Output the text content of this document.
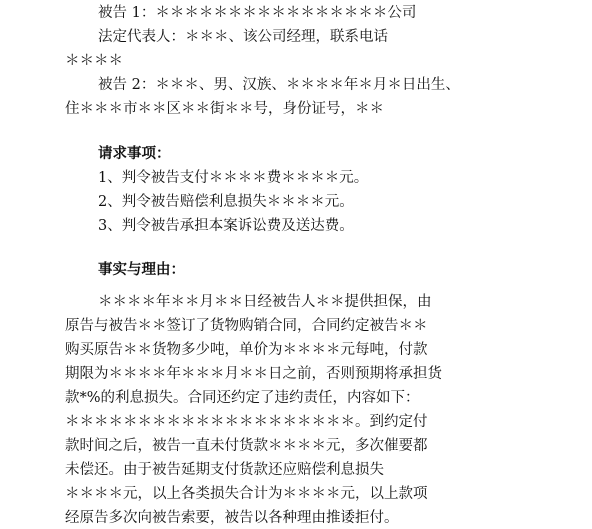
被告 1：＊＊＊＊＊＊＊＊＊＊＊＊＊＊＊＊公司
法定代表人：＊＊＊、该公司经理，联系电话
＊＊＊＊
被告 2：＊＊＊、男、汉族、＊＊＊＊年＊月＊日出生、
住＊＊＊市＊＊区＊＊街＊＊号，身份证号，＊＊
请求事项：
1、判令被告支付＊＊＊＊费＊＊＊＊元。
2、判令被告赔偿利息损失＊＊＊＊元。
3、判令被告承担本案诉讼费及送达费。
事实与理由：
＊＊＊＊年＊＊月＊＊日经被告人＊＊提供担保，由
原告与被告＊＊签订了货物购销合同，合同约定被告＊＊
购买原告＊＊货物多少吨，单价为＊＊＊＊元每吨，付款
期限为＊＊＊＊年＊＊＊月＊＊日之前，否则预期将承担货
款*%的利息损失。合同还约定了违约责任，内容如下：
＊＊＊＊＊＊＊＊＊＊＊＊＊＊＊＊＊＊＊＊。到约定付
款时间之后，被告一直未付货款＊＊＊＊元，多次催要都
未偿还。由于被告延期支付货款还应赔偿利息损失
＊＊＊＊元，以上各类损失合计为＊＊＊＊元，以上款项
经原告多次向被告索要，被告以各种理由推诿拒付。
